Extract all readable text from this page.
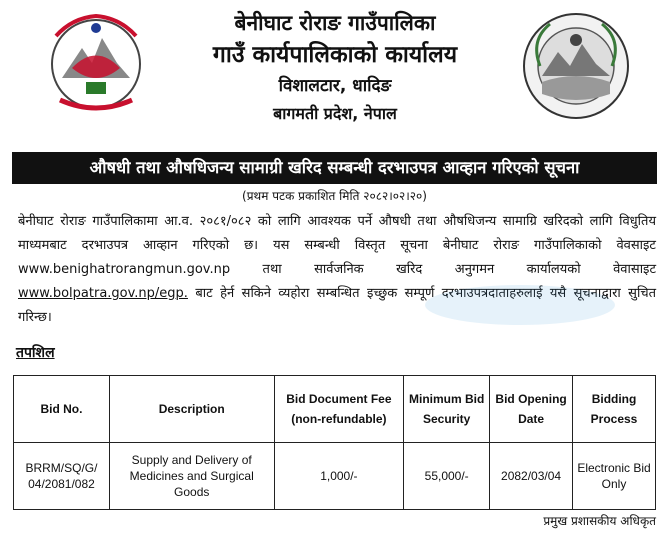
बेनीघाट रोराङ गाउँपालिका
गाउँ कार्यपालिकाको कार्यालय
विशालटार, धादिङ
बागमती प्रदेश, नेपाल
औषधी तथा औषधिजन्य सामाग्री खरिद सम्बन्धी दरभाउपत्र आव्हान गरिएको सूचना
(प्रथम पटक प्रकाशित मिति २०८२।०२।२०)
बेनीघाट रोराङ गाउँपालिकामा आ.व. २०८१/०८२ को लागि आवश्यक पर्ने औषधी तथा औषधिजन्य सामाग्रि खरिदको लागि विधुतिय माध्यमबाट दरभाउपत्र आव्हान गरिएको छ। यस सम्बन्धी विस्तृत सूचना बेनीघाट रोराङ गाउँपालिकाको वेवसाइट www.benighatrorangmun.gov.np तथा सार्वजनिक खरिद अनुगमन कार्यालयको वेवासाइट www.bolpatra.gov.np/egp. बाट हेर्न सकिने व्यहोरा सम्बन्धित इच्छुक सम्पूर्ण दरभाउपत्रदाताहरुलाई यसै सूचनाद्वारा सुचित गरिन्छ।
तपशिल
Bid No.	Description	Bid Document Fee (non-refundable)	Minimum Bid Security	Bid Opening Date	Bidding Process
BRRM/SQ/G/ 04/2081/082	Supply and Delivery of Medicines and Surgical Goods	1,000/-	55,000/-	2082/03/04	Electronic Bid Only
प्रमुख प्रशासकीय अधिकृत
